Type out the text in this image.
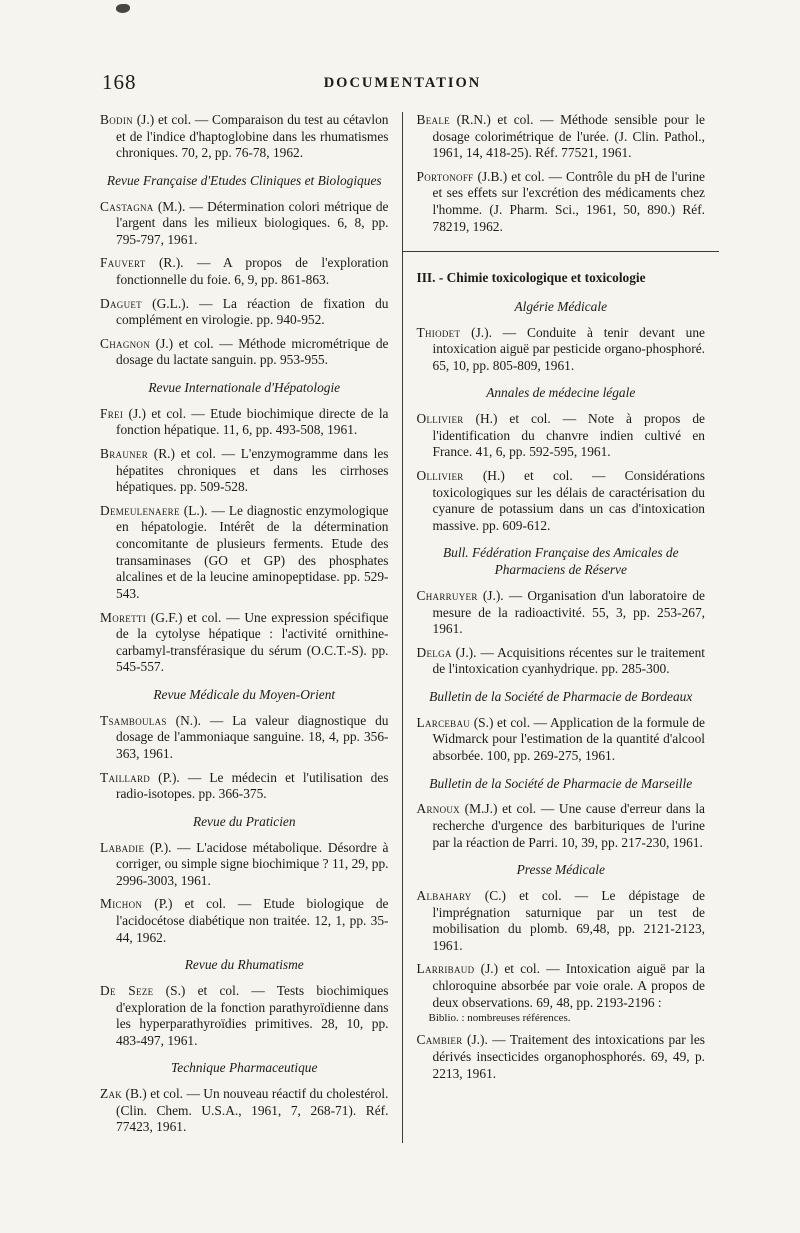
168	DOCUMENTATION
Bodin (J.) et col. — Comparaison du test au cétavlon et de l'indice d'haptoglobine dans les rhumatismes chroniques. 70, 2, pp. 76-78, 1962.
Revue Française d'Etudes Cliniques et Biologiques
Castagna (M.). — Détermination colori métrique de l'argent dans les milieux biologiques. 6, 8, pp. 795-797, 1961.
Fauvert (R.). — A propos de l'exploration fonctionnelle du foie. 6, 9, pp. 861-863.
Daguet (G.L.). — La réaction de fixation du complément en virologie. pp. 940-952.
Chagnon (J.) et col. — Méthode micrométrique de dosage du lactate sanguin. pp. 953-955.
Revue Internationale d'Hépatologie
Frei (J.) et col. — Etude biochimique directe de la fonction hépatique. 11, 6, pp. 493-508, 1961.
Brauner (R.) et col. — L'enzymogramme dans les hépatites chroniques et dans les cirrhoses hépatiques. pp. 509-528.
Demeulenaere (L.). — Le diagnostic enzymologique en hépatologie. Intérêt de la détermination concomitante de plusieurs ferments. Etude des transaminases (GO et GP) des phosphates alcalines et de la leucine aminopeptidase. pp. 529-543.
Moretti (G.F.) et col. — Une expression spécifique de la cytolyse hépatique : l'activité ornithine-carbamyl-transférasique du sérum (O.C.T.-S). pp. 545-557.
Revue Médicale du Moyen-Orient
Tsamboulas (N.). — La valeur diagnostique du dosage de l'ammoniaque sanguine. 18, 4, pp. 356-363, 1961.
Taillard (P.). — Le médecin et l'utilisation des radio-isotopes. pp. 366-375.
Revue du Praticien
Labadie (P.). — L'acidose métabolique. Désordre à corriger, ou simple signe biochimique ? 11, 29, pp. 2996-3003, 1961.
Michon (P.) et col. — Etude biologique de l'acidocétose diabétique non traitée. 12, 1, pp. 35-44, 1962.
Revue du Rhumatisme
De Seze (S.) et col. — Tests biochimiques d'exploration de la fonction parathyroïdienne dans les hyperparathyroïdies primitives. 28, 10, pp. 483-497, 1961.
Technique Pharmaceutique
Zak (B.) et col. — Un nouveau réactif du cholestérol. (Clin. Chem. U.S.A., 1961, 7, 268-71). Réf. 77423, 1961.
Beale (R.N.) et col. — Méthode sensible pour le dosage colorimétrique de l'urée. (J. Clin. Pathol., 1961, 14, 418-25). Réf. 77521, 1961.
Portonoff (J.B.) et col. — Contrôle du pH de l'urine et ses effets sur l'excrétion des médicaments chez l'homme. (J. Pharm. Sci., 1961, 50, 890.) Réf. 78219, 1962.
III. - Chimie toxicologique et toxicologie
Algérie Médicale
Thiodet (J.). — Conduite à tenir devant une intoxication aiguë par pesticide organo-phosphoré. 65, 10, pp. 805-809, 1961.
Annales de médecine légale
Ollivier (H.) et col. — Note à propos de l'identification du chanvre indien cultivé en France. 41, 6, pp. 592-595, 1961.
Ollivier (H.) et col. — Considérations toxicologiques sur les délais de caractérisation du cyanure de potassium dans un cas d'intoxication massive. pp. 609-612.
Bull. Fédération Française des Amicales de Pharmaciens de Réserve
Charruyer (J.). — Organisation d'un laboratoire de mesure de la radioactivité. 55, 3, pp. 253-267, 1961.
Delga (J.). — Acquisitions récentes sur le traitement de l'intoxication cyanhydrique. pp. 285-300.
Bulletin de la Société de Pharmacie de Bordeaux
Larcebau (S.) et col. — Application de la formule de Widmarck pour l'estimation de la quantité d'alcool absorbée. 100, pp. 269-275, 1961.
Bulletin de la Société de Pharmacie de Marseille
Arnoux (M.J.) et col. — Une cause d'erreur dans la recherche d'urgence des barbituriques de l'urine par la réaction de Parri. 10, 39, pp. 217-230, 1961.
Presse Médicale
Albahary (C.) et col. — Le dépistage de l'imprégnation saturnique par un test de mobilisation du plomb. 69,48, pp. 2121-2123, 1961.
Larribaud (J.) et col. — Intoxication aiguë par la chloroquine absorbée par voie orale. A propos de deux observations. 69, 48, pp. 2193-2196 :
Biblio. : nombreuses références.
Cambier (J.). — Traitement des intoxications par les dérivés insecticides organophosphorés. 69, 49, p. 2213, 1961.
